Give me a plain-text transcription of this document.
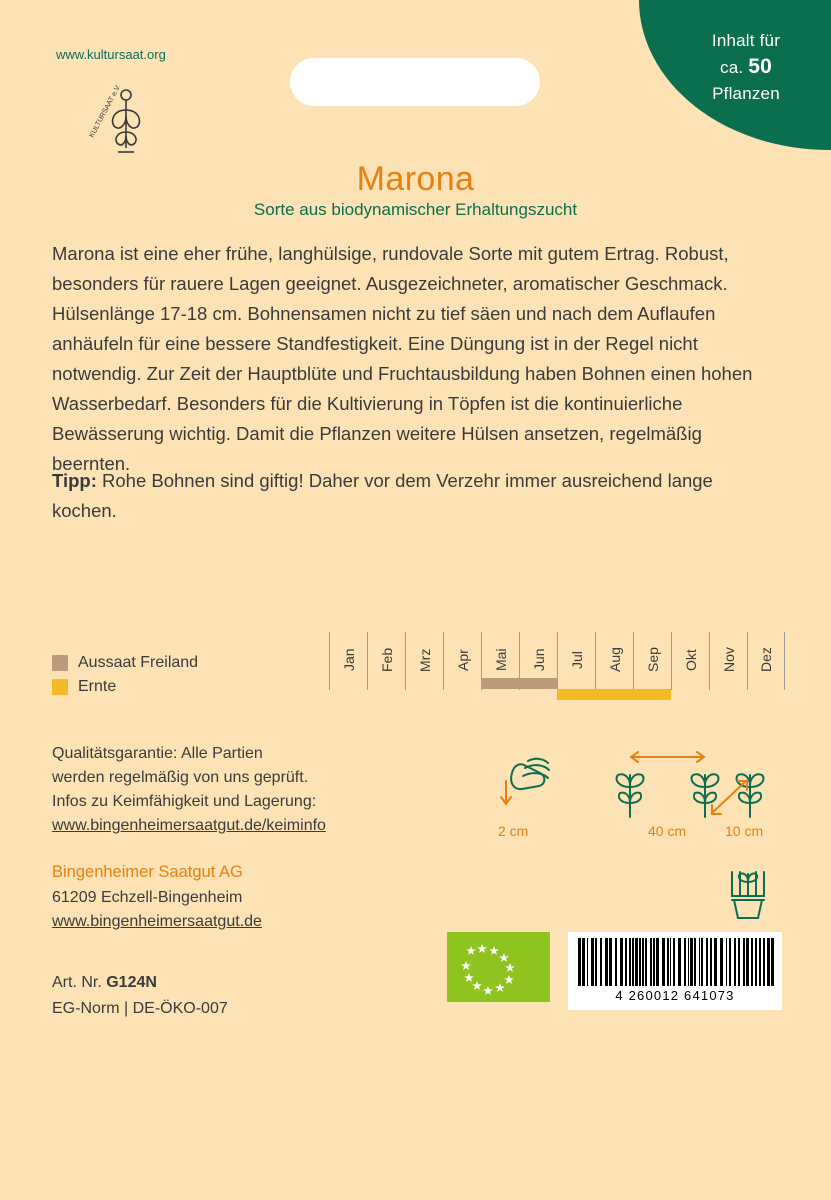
Inhalt für
ca. 50
Pflanzen
www.kultursaat.org
KULTURSAAT e.V.
Marona
Sorte aus biodynamischer Erhaltungszucht
Marona ist eine eher frühe, langhülsige, rundovale Sorte mit gutem Ertrag. Robust, besonders für rauere Lagen geeignet. Ausgezeichneter, aromatischer Geschmack. Hülsenlänge 17-18 cm. Bohnensamen nicht zu tief säen und nach dem Auflaufen anhäufeln für eine bessere Standfestigkeit. Eine Düngung ist in der Regel nicht notwendig. Zur Zeit der Hauptblüte und Fruchtausbildung haben Bohnen einen hohen Wasserbedarf. Besonders für die Kultivierung in Töpfen ist die kontinuierliche Bewässerung wichtig. Damit die Pflanzen weitere Hülsen ansetzen, regelmäßig beernten.
Tipp: Rohe Bohnen sind giftig! Daher vor dem Verzehr immer ausreichend lange kochen.
Aussaat Freiland
Ernte
Jan Feb Mrz Apr Mai Jun Jul Aug Sep Okt Nov Dez
Qualitätsgarantie: Alle Partien
werden regelmäßig von uns geprüft.
Infos zu Keimfähigkeit und Lagerung:
www.bingenheimersaatgut.de/keiminfo	2 cm	40 cm	10 cm
Bingenheimer Saatgut AG
61209 Echzell-Bingenheim
www.bingenheimersaatgut.de
Art. Nr. G124N
EG-Norm | DE-ÖKO-007
4 260012 641073
